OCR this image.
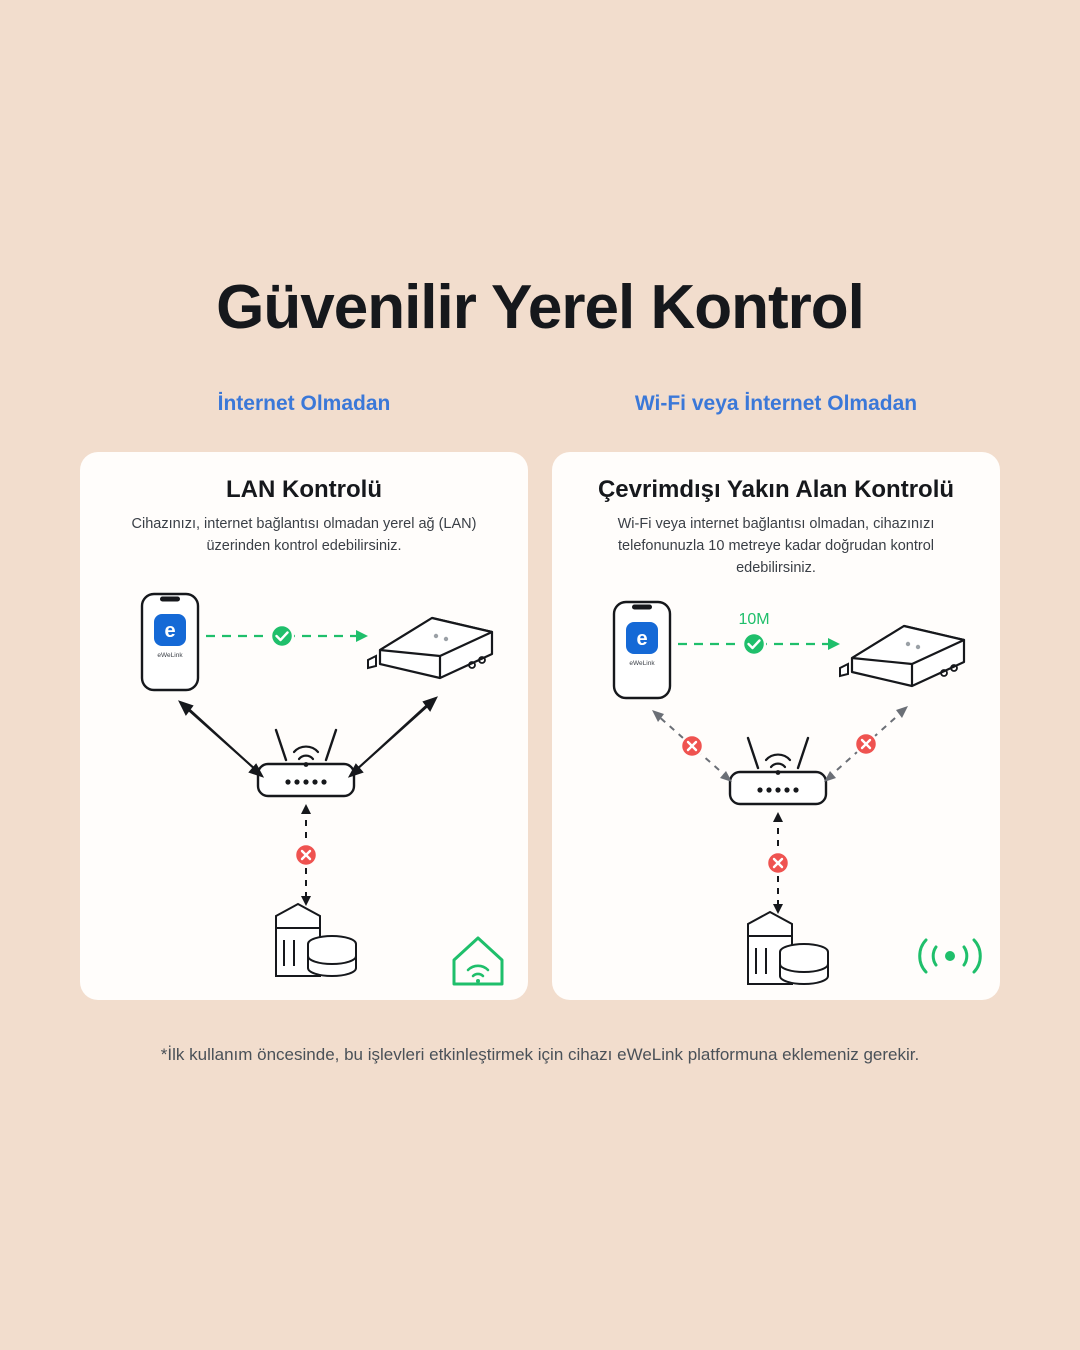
Güvenilir Yerel Kontrol
İnternet Olmadan	Wi-Fi veya İnternet Olmadan
LAN Kontrolü
Cihazınızı, internet bağlantısı olmadan yerel ağ (LAN) üzerinden kontrol edebilirsiniz.
e
eWeLink
Çevrimdışı Yakın Alan Kontrolü
Wi-Fi veya internet bağlantısı olmadan, cihazınızı telefonunuzla 10 metreye kadar doğrudan kontrol edebilirsiniz.
e
eWeLink
10M
*İlk kullanım öncesinde, bu işlevleri etkinleştirmek için cihazı eWeLink platformuna eklemeniz gerekir.
